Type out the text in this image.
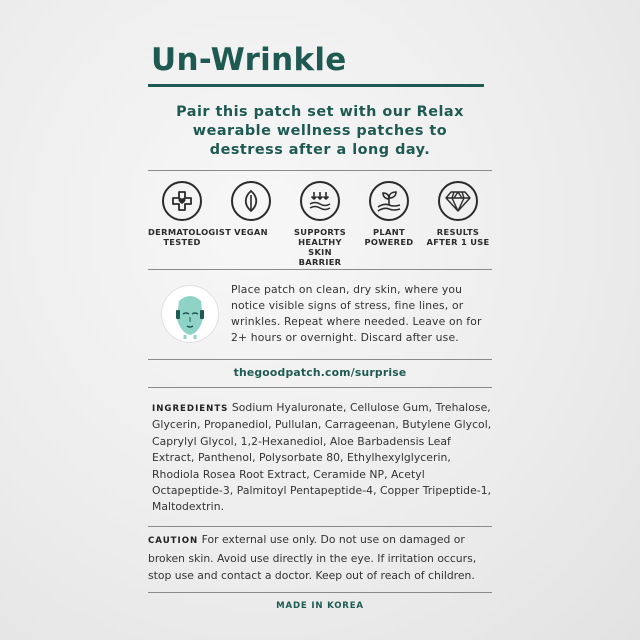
Un-Wrinkle
Pair this patch set with our Relax
wearable wellness patches to
destress after a long day.
DERMATOLOGIST
TESTED
VEGAN	SUPPORTS
HEALTHY
SKIN BARRIER
PLANT
POWERED
RESULTS
AFTER 1 USE
Place patch on clean, dry skin, where you notice visible signs of stress, fine lines, or wrinkles. Repeat where needed. Leave on for 2+ hours or overnight. Discard after use.
thegoodpatch.com/surprise
INGREDIENTS Sodium Hyaluronate, Cellulose Gum, Trehalose, Glycerin, Propanediol, Pullulan, Carrageenan, Butylene Glycol, Caprylyl Glycol, 1,2-Hexanediol, Aloe Barbadensis Leaf Extract, Panthenol, Polysorbate 80, Ethylhexylglycerin, Rhodiola Rosea Root Extract, Ceramide NP, Acetyl Octapeptide-3, Palmitoyl Pentapeptide-4, Copper Tripeptide-1, Maltodextrin.
CAUTION For external use only. Do not use on damaged or broken skin. Avoid use directly in the eye. If irritation occurs, stop use and contact a doctor. Keep out of reach of children.
MADE IN KOREA
